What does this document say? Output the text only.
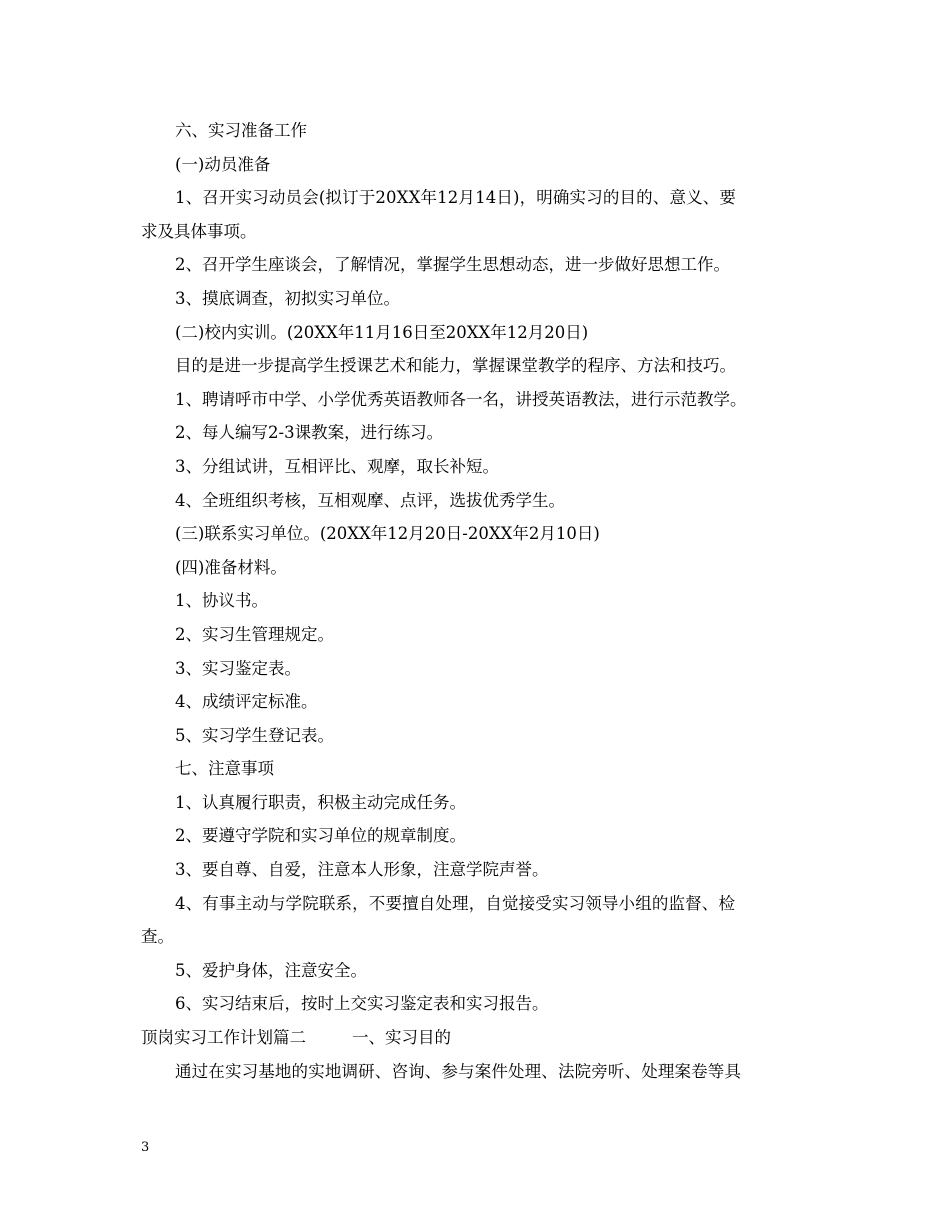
六、实习准备工作
(一)动员准备
1、召开实习动员会(拟订于20XX年12月14日)，明确实习的目的、意义、要
求及具体事项。
2、召开学生座谈会，了解情况，掌握学生思想动态，进一步做好思想工作。
3、摸底调查，初拟实习单位。
(二)校内实训。(20XX年11月16日至20XX年12月20日)
目的是进一步提高学生授课艺术和能力，掌握课堂教学的程序、方法和技巧。
1、聘请呼市中学、小学优秀英语教师各一名，讲授英语教法，进行示范教学。
2、每人编写2-3课教案，进行练习。
3、分组试讲，互相评比、观摩，取长补短。
4、全班组织考核，互相观摩、点评，选拔优秀学生。
(三)联系实习单位。(20XX年12月20日-20XX年2月10日)
(四)准备材料。
1、协议书。
2、实习生管理规定。
3、实习鉴定表。
4、成绩评定标准。
5、实习学生登记表。
七、注意事项
1、认真履行职责，积极主动完成任务。
2、要遵守学院和实习单位的规章制度。
3、要自尊、自爱，注意本人形象，注意学院声誉。
4、有事主动与学院联系，不要擅自处理，自觉接受实习领导小组的监督、检
查。
5、爱护身体，注意安全。
6、实习结束后，按时上交实习鉴定表和实习报告。
顶岗实习工作计划篇二	一、实习目的
通过在实习基地的实地调研、咨询、参与案件处理、法院旁听、处理案卷等具
3
